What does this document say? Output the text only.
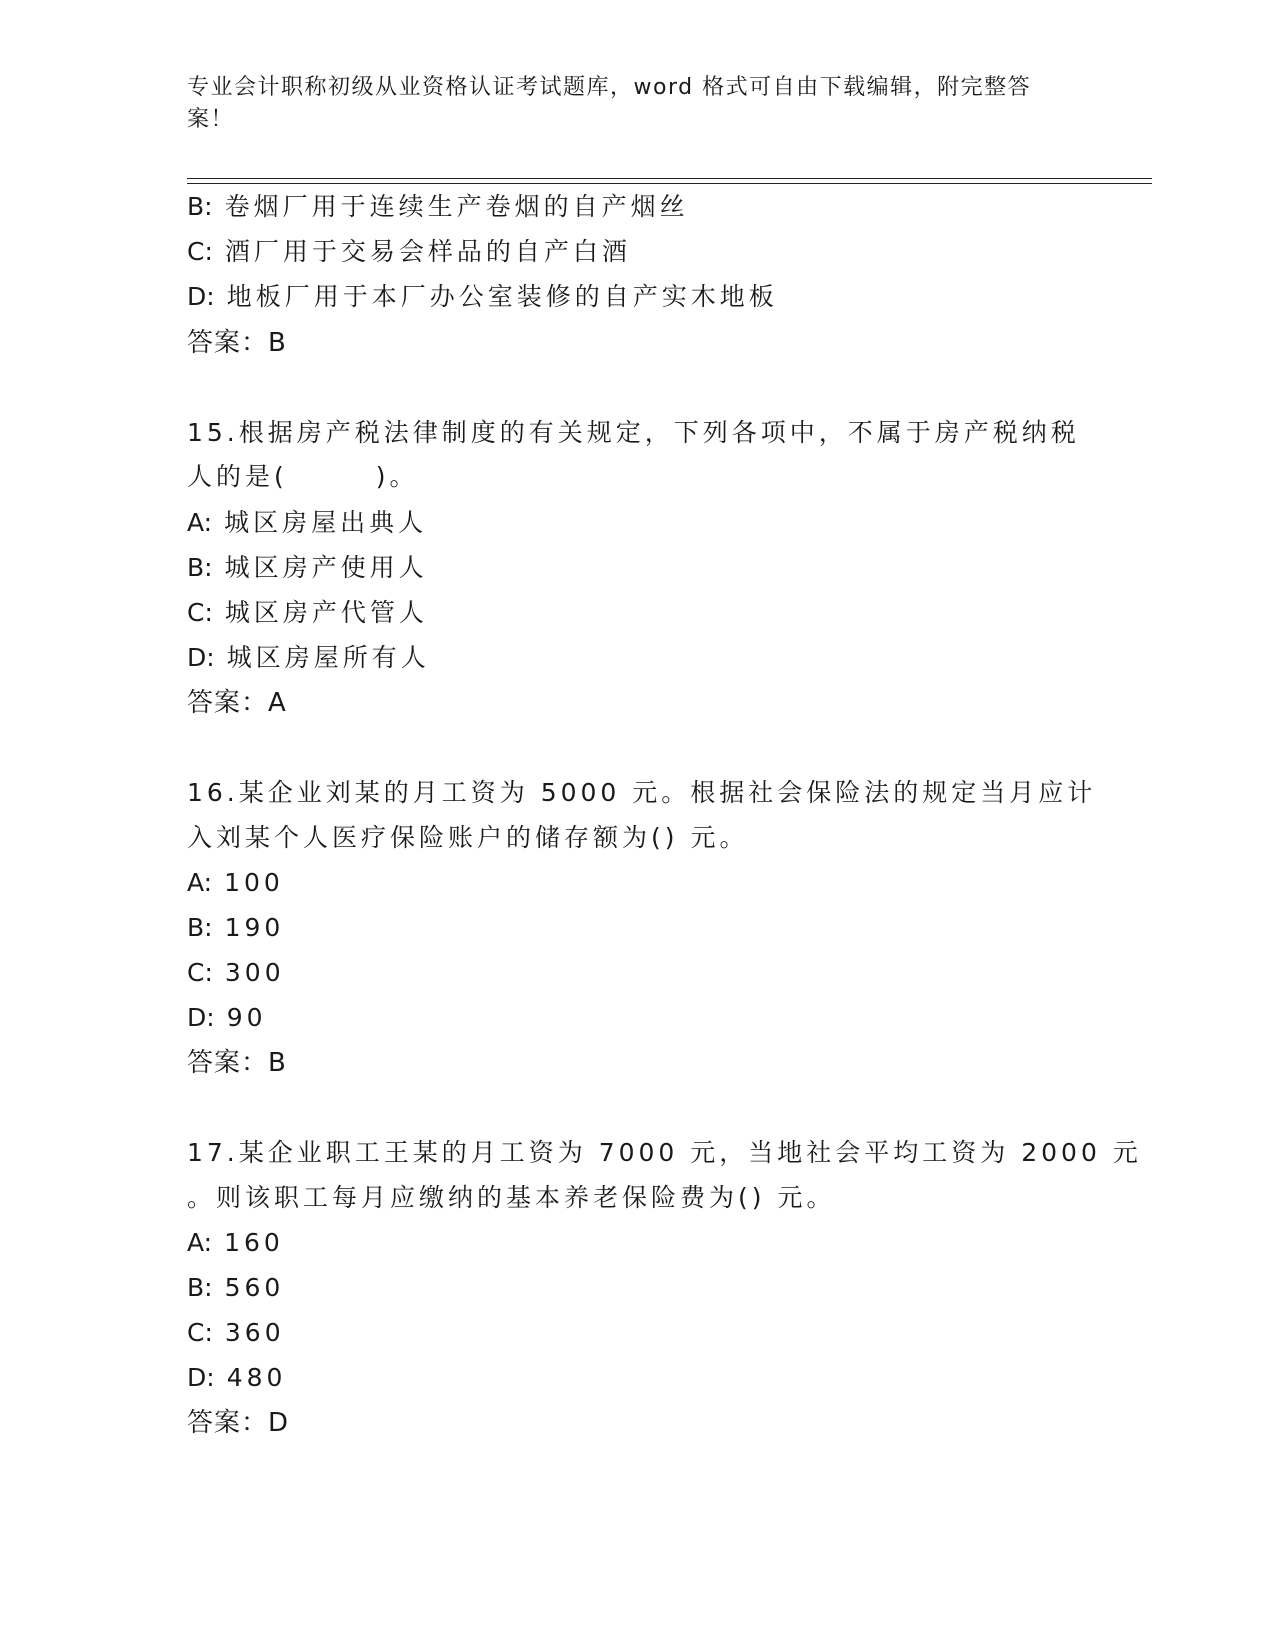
专业会计职称初级从业资格认证考试题库，word 格式可自由下载编辑，附完整答案！
B: 卷烟厂用于连续生产卷烟的自产烟丝
C: 酒厂用于交易会样品的自产白酒
D: 地板厂用于本厂办公室装修的自产实木地板
答案：B
15.根据房产税法律制度的有关规定，下列各项中，不属于房产税纳税
人的是(	)。
A: 城区房屋出典人
B: 城区房产使用人
C: 城区房产代管人
D: 城区房屋所有人
答案：A
16.某企业刘某的月工资为 5000 元。根据社会保险法的规定当月应计
入刘某个人医疗保险账户的储存额为() 元。
A: 100
B: 190
C: 300
D: 90
答案：B
17.某企业职工王某的月工资为 7000 元，当地社会平均工资为 2000 元
。则该职工每月应缴纳的基本养老保险费为() 元。
A: 160
B: 560
C: 360
D: 480
答案：D
